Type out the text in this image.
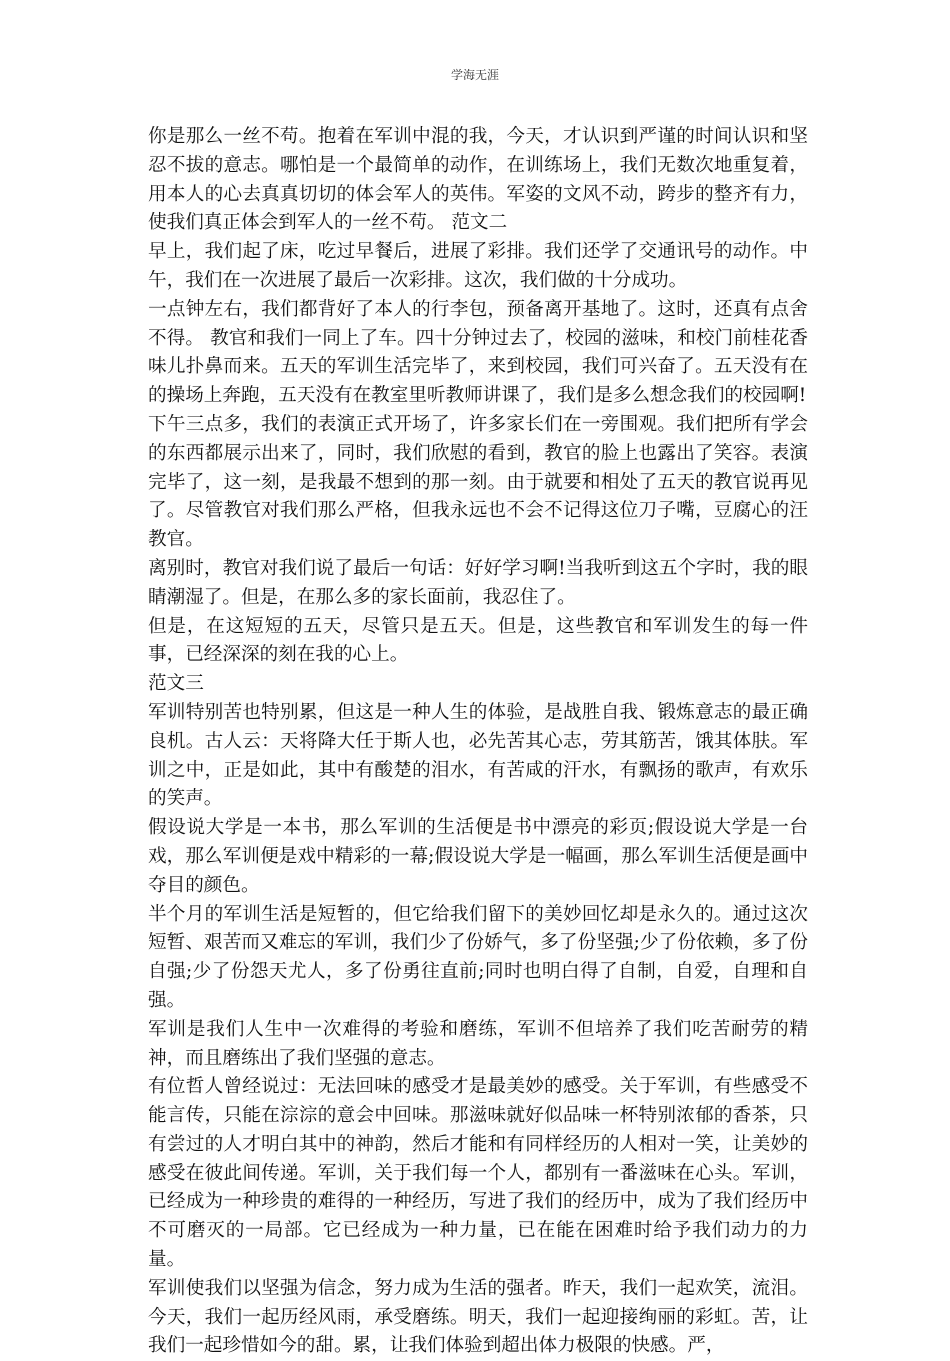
学海无涯

你是那么一丝不苟。抱着在军训中混的我，今天，才认识到严谨的时间认识和坚忍不拔的意志。哪怕是一个最简单的动作，在训练场上，我们无数次地重复着，用本人的心去真真切切的体会军人的英伟。军姿的文风不动，跨步的整齐有力，使我们真正体会到军人的一丝不苟。 范文二

早上，我们起了床，吃过早餐后，进展了彩排。我们还学了交通讯号的动作。中午，我们在一次进展了最后一次彩排。这次，我们做的十分成功。

一点钟左右，我们都背好了本人的行李包，预备离开基地了。这时，还真有点舍不得。 教官和我们一同上了车。四十分钟过去了，校园的滋味，和校门前桂花香味儿扑鼻而来。五天的军训生活完毕了，来到校园，我们可兴奋了。五天没有在的操场上奔跑，五天没有在教室里听教师讲课了，我们是多么想念我们的校园啊!

下午三点多，我们的表演正式开场了，许多家长们在一旁围观。我们把所有学会的东西都展示出来了，同时，我们欣慰的看到，教官的脸上也露出了笑容。表演完毕了，这一刻，是我最不想到的那一刻。由于就要和相处了五天的教官说再见了。尽管教官对我们那么严格，但我永远也不会不记得这位刀子嘴，豆腐心的汪教官。

离别时，教官对我们说了最后一句话：好好学习啊!当我听到这五个字时，我的眼睛潮湿了。但是，在那么多的家长面前，我忍住了。

但是，在这短短的五天，尽管只是五天。但是，这些教官和军训发生的每一件事，已经深深的刻在我的心上。

范文三

军训特别苦也特别累，但这是一种人生的体验，是战胜自我、锻炼意志的最正确良机。古人云：天将降大任于斯人也，必先苦其心志，劳其筋苦，饿其体肤。军训之中，正是如此，其中有酸楚的泪水，有苦咸的汗水，有飘扬的歌声，有欢乐的笑声。

假设说大学是一本书，那么军训的生活便是书中漂亮的彩页;假设说大学是一台戏，那么军训便是戏中精彩的一幕;假设说大学是一幅画，那么军训生活便是画中夺目的颜色。

半个月的军训生活是短暂的，但它给我们留下的美妙回忆却是永久的。通过这次短暂、艰苦而又难忘的军训，我们少了份娇气，多了份坚强;少了份依赖，多了份自强;少了份怨天尤人，多了份勇往直前;同时也明白得了自制，自爱，自理和自强。

军训是我们人生中一次难得的考验和磨练，军训不但培养了我们吃苦耐劳的精神，而且磨练出了我们坚强的意志。

有位哲人曾经说过：无法回味的感受才是最美妙的感受。关于军训，有些感受不能言传，只能在淙淙的意会中回味。那滋味就好似品味一杯特别浓郁的香茶，只有尝过的人才明白其中的神韵，然后才能和有同样经历的人相对一笑，让美妙的感受在彼此间传递。军训，关于我们每一个人，都别有一番滋味在心头。军训，已经成为一种珍贵的难得的一种经历，写进了我们的经历中，成为了我们经历中不可磨灭的一局部。它已经成为一种力量，已在能在困难时给予我们动力的力量。

军训使我们以坚强为信念，努力成为生活的强者。昨天，我们一起欢笑，流泪。今天，我们一起历经风雨，承受磨练。明天，我们一起迎接绚丽的彩虹。苦，让我们一起珍惜如今的甜。累，让我们体验到超出体力极限的快感。严，
